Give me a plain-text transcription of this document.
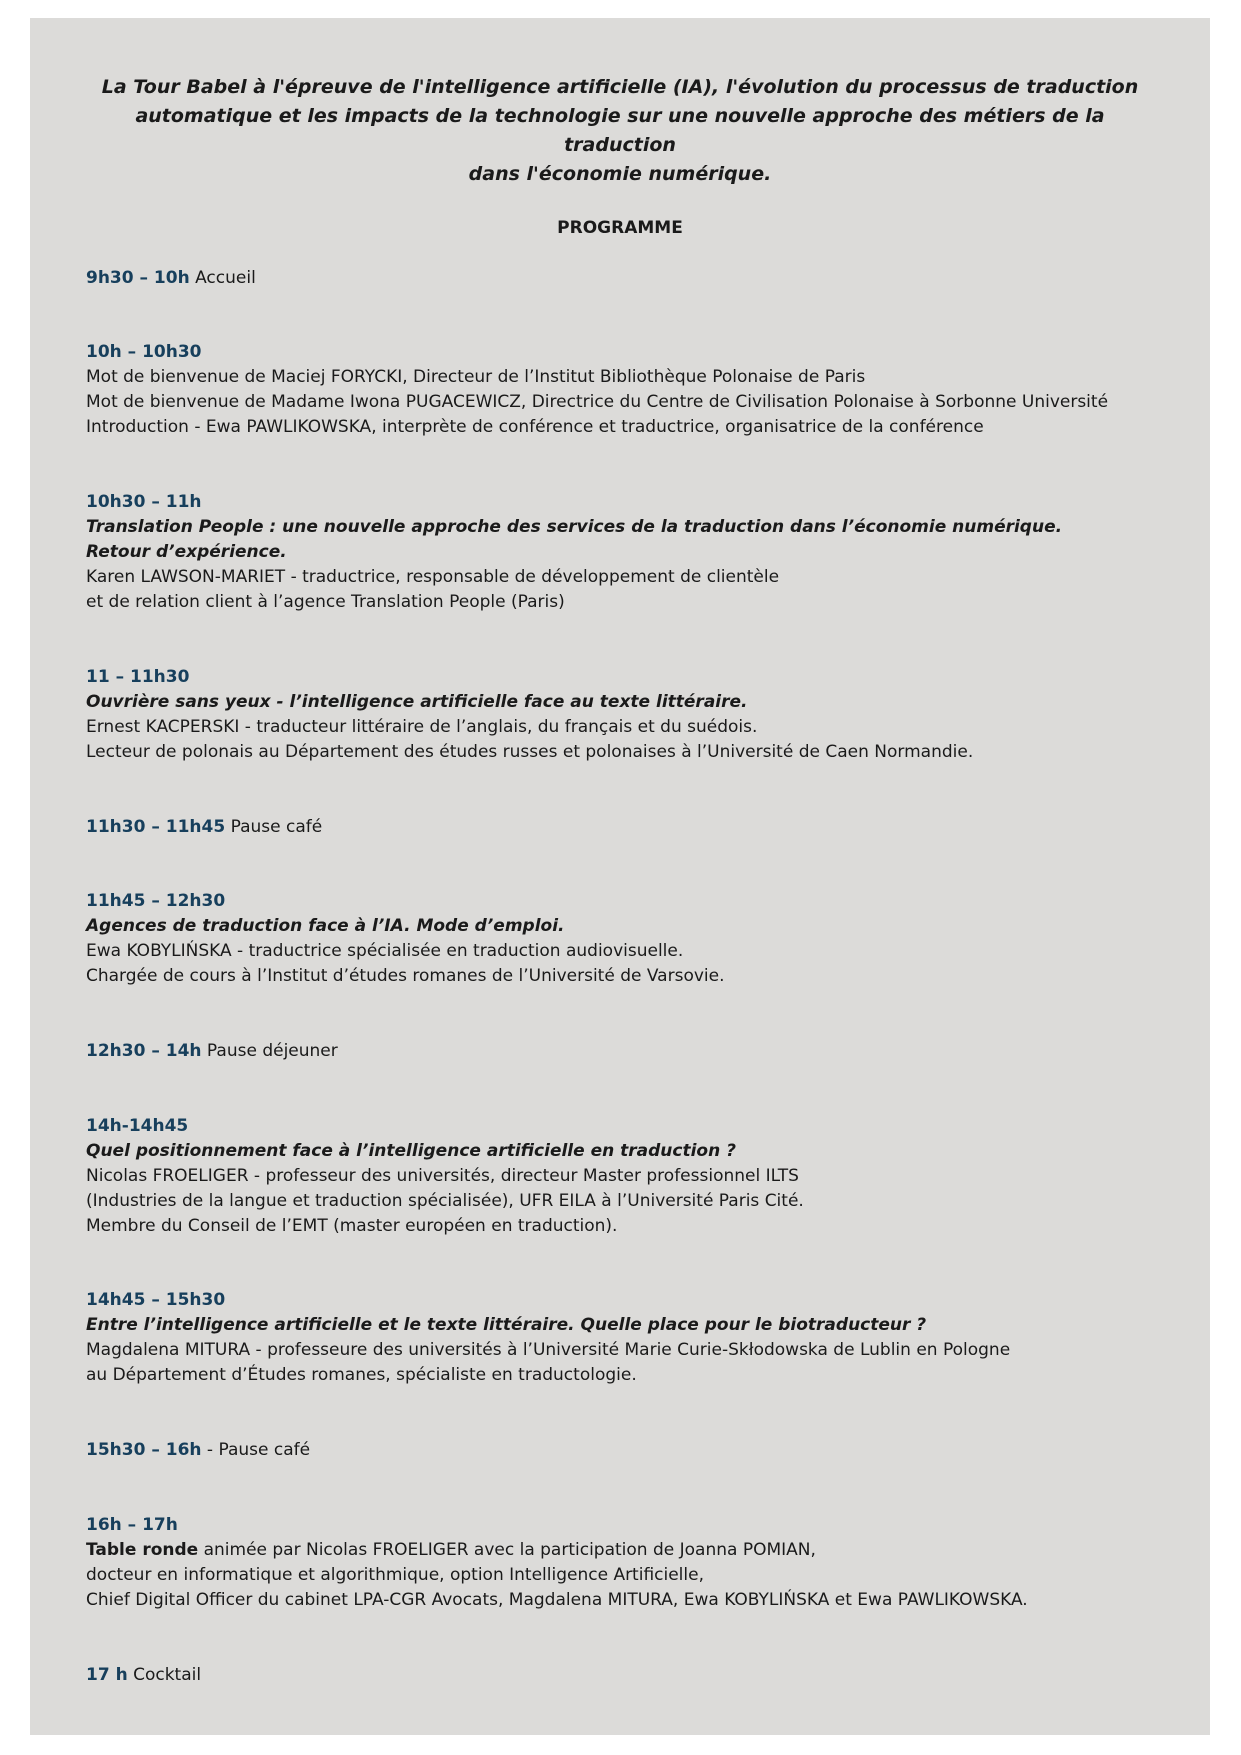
La Tour Babel à l'épreuve de l'intelligence artificielle (IA), l'évolution du processus de traduction
automatique et les impacts de la technologie sur une nouvelle approche des métiers de la traduction
dans l'économie numérique.
PROGRAMME
9h30 – 10h Accueil
10h – 10h30
Mot de bienvenue de Maciej FORYCKI, Directeur de l’Institut Bibliothèque Polonaise de Paris
Mot de bienvenue de Madame Iwona PUGACEWICZ, Directrice du Centre de Civilisation Polonaise à Sorbonne Université
Introduction - Ewa PAWLIKOWSKA, interprète de conférence et traductrice, organisatrice de la conférence
10h30 – 11h
Translation People : une nouvelle approche des services de la traduction dans l’économie numérique.
Retour d’expérience.
Karen LAWSON-MARIET - traductrice, responsable de développement de clientèle
et de relation client à l’agence Translation People (Paris)
11 – 11h30
Ouvrière sans yeux - l’intelligence artificielle face au texte littéraire.
Ernest KACPERSKI - traducteur littéraire de l’anglais, du français et du suédois.
Lecteur de polonais au Département des études russes et polonaises à l’Université de Caen Normandie.
11h30 – 11h45 Pause café
11h45 – 12h30
Agences de traduction face à l’IA. Mode d’emploi.
Ewa KOBYLIŃSKA - traductrice spécialisée en traduction audiovisuelle.
Chargée de cours à l’Institut d’études romanes de l’Université de Varsovie.
12h30 – 14h Pause déjeuner
14h-14h45
Quel positionnement face à l’intelligence artificielle en traduction ?
Nicolas FROELIGER - professeur des universités, directeur Master professionnel ILTS
(Industries de la langue et traduction spécialisée), UFR EILA à l’Université Paris Cité.
Membre du Conseil de l’EMT (master européen en traduction).
14h45 – 15h30
Entre l’intelligence artificielle et le texte littéraire. Quelle place pour le biotraducteur ?
Magdalena MITURA - professeure des universités à l’Université Marie Curie-Skłodowska de Lublin en Pologne
au Département d’Études romanes, spécialiste en traductologie.
15h30 – 16h - Pause café
16h – 17h
Table ronde animée par Nicolas FROELIGER avec la participation de Joanna POMIAN,
docteur en informatique et algorithmique, option Intelligence Artificielle,
Chief Digital Officer du cabinet LPA-CGR Avocats, Magdalena MITURA, Ewa KOBYLIŃSKA et Ewa PAWLIKOWSKA.
17 h Cocktail
